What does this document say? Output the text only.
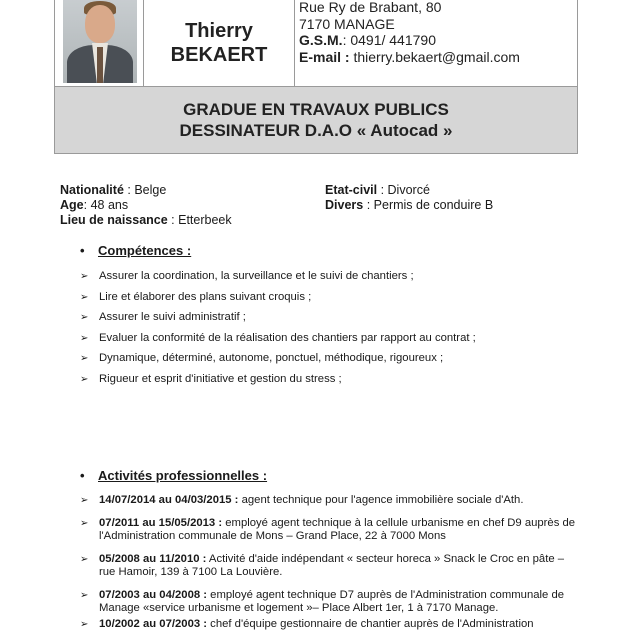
Thierry
BEKAERT

Rue Ry de Brabant, 80
7170 MANAGE
G.S.M.: 0491/ 441790
E-mail : thierry.bekaert@gmail.com

GRADUE EN TRAVAUX PUBLICS
DESSINATEUR D.A.O « Autocad »
Nationalité : Belge
Age: 48 ans
Lieu de naissance : Etterbeek
Etat-civil : Divorcé
Divers : Permis de conduire B
• Compétences :
➢ Assurer la coordination, la surveillance et le suivi de chantiers ;
➢ Lire et élaborer des plans suivant croquis ;
➢ Assurer le suivi administratif ;
➢ Evaluer la conformité de la réalisation des chantiers par rapport au contrat ;
➢ Dynamique, déterminé, autonome, ponctuel, méthodique, rigoureux ;
➢ Rigueur et esprit d'initiative et gestion du stress ;
• Activités professionnelles :
➢ 14/07/2014 au 04/03/2015 : agent technique pour l'agence immobilière sociale d'Ath.
➢ 07/2011 au 15/05/2013 : employé agent technique à la cellule urbanisme en chef D9 auprès de l'Administration communale de Mons – Grand Place, 22 à 7000 Mons
➢ 05/2008 au 11/2010 : Activité d'aide indépendant « secteur horeca » Snack le Croc en pâte – rue Hamoir, 139 à 7100 La Louvière.
➢ 07/2003 au 04/2008 : employé agent technique D7 auprès de l'Administration communale de Manage «service urbanisme et logement »– Place Albert 1er, 1 à 7170 Manage.
➢ 10/2002 au 07/2003 : chef d'équipe gestionnaire de chantier auprès de l'Administration
